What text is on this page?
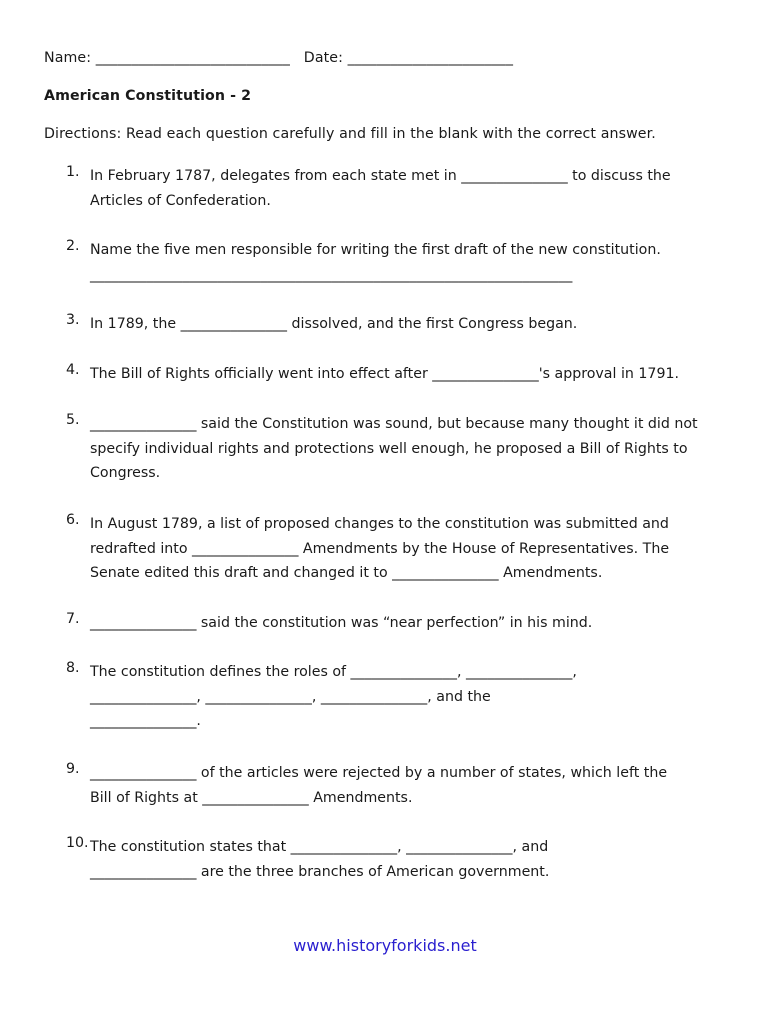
Name: ___________________________   Date: _______________________
American Constitution - 2
Directions: Read each question carefully and fill in the blank with the correct answer.
1. In February 1787, delegates from each state met in _______________ to discuss the
Articles of Confederation.
2. Name the five men responsible for writing the first draft of the new constitution.
____________________________________________________________________
3. In 1789, the _______________ dissolved, and the first Congress began.
4. The Bill of Rights officially went into effect after _______________'s approval in 1791.
5. _______________ said the Constitution was sound, but because many thought it did not
specify individual rights and protections well enough, he proposed a Bill of Rights to
Congress.
6. In August 1789, a list of proposed changes to the constitution was submitted and
redrafted into _______________ Amendments by the House of Representatives. The
Senate edited this draft and changed it to _______________ Amendments.
7. _______________ said the constitution was “near perfection” in his mind.
8. The constitution defines the roles of _______________, _______________,
_______________, _______________, _______________, and the
_______________.
9. _______________ of the articles were rejected by a number of states, which left the
Bill of Rights at _______________ Amendments.
10. The constitution states that _______________, _______________, and
_______________ are the three branches of American government.
www.historyforkids.net
